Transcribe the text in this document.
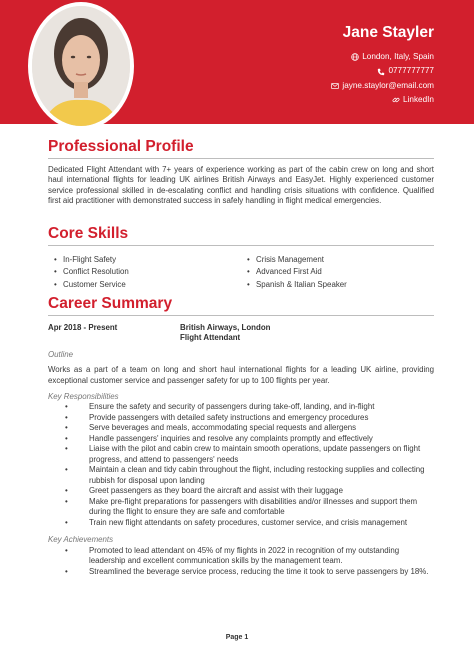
Jane Stayler
London, Italy, Spain
0777777777
jayne.staylor@email.com
LinkedIn
Professional Profile

Dedicated Flight Attendant with 7+ years of experience working as part of the cabin crew on long and short haul international flights for leading UK airlines British Airways and EasyJet. Highly experienced customer service professional skilled in de-escalating conflict and handling crisis situations with confidence. Qualified first aid practitioner with demonstrated success in safely handling in flight medical emergencies.

Core Skills
• In-Flight Safety
• Conflict Resolution
• Customer Service
• Crisis Management
• Advanced First Aid
• Spanish & Italian Speaker
Career Summary
Apr 2018 - Present	British Airways, London
Flight Attendant

Outline

Works as a part of a team on long and short haul international flights for a leading UK airline, providing exceptional customer service and passenger safety for up to 100 flights per year.

Key Responsibilities

• Ensure the safety and security of passengers during take-off, landing, and in-flight
• Provide passengers with detailed safety instructions and emergency procedures
• Serve beverages and meals, accommodating special requests and allergens
• Handle passengers' inquiries and resolve any complaints promptly and effectively
• Liaise with the pilot and cabin crew to maintain smooth operations, update passengers on flight progress, and attend to passengers' needs
• Maintain a clean and tidy cabin throughout the flight, including restocking supplies and collecting rubbish for disposal upon landing
• Greet passengers as they board the aircraft and assist with their luggage
• Make pre-flight preparations for passengers with disabilities and/or illnesses and support them during the flight to ensure they are safe and comfortable
• Train new flight attendants on safety procedures, customer service, and crisis management

Key Achievements

• Promoted to lead attendant on 45% of my flights in 2022 in recognition of my outstanding leadership and excellent communication skills by the management team.
• Streamlined the beverage service process, reducing the time it took to serve passengers by 18%.
Page 1
